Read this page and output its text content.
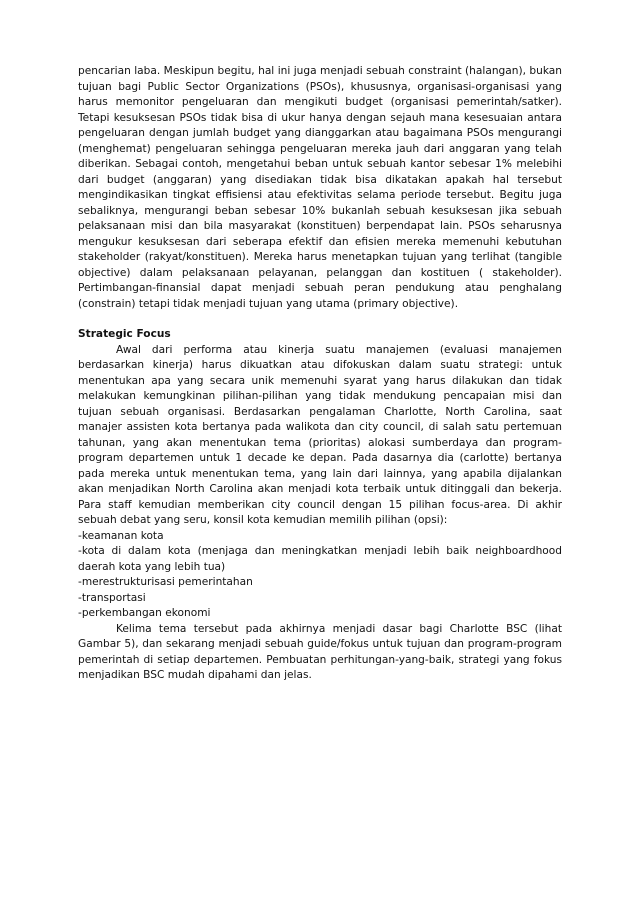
pencarian laba. Meskipun begitu, hal ini juga menjadi sebuah constraint (halangan), bukan tujuan bagi Public Sector Organizations (PSOs), khususnya, organisasi-organisasi yang harus memonitor pengeluaran dan mengikuti budget (organisasi pemerintah/satker). Tetapi kesuksesan PSOs tidak bisa di ukur hanya dengan sejauh mana kesesuaian antara pengeluaran dengan jumlah budget yang dianggarkan atau bagaimana PSOs mengurangi (menghemat) pengeluaran sehingga pengeluaran mereka jauh dari anggaran yang telah diberikan. Sebagai contoh, mengetahui beban untuk sebuah kantor sebesar 1% melebihi dari budget (anggaran) yang disediakan tidak bisa dikatakan apakah hal tersebut mengindikasikan tingkat effisiensi atau efektivitas selama periode tersebut. Begitu juga sebaliknya, mengurangi beban sebesar 10% bukanlah sebuah kesuksesan jika sebuah pelaksanaan misi dan bila masyarakat (konstituen) berpendapat lain. PSOs seharusnya mengukur kesuksesan dari seberapa efektif dan efisien mereka memenuhi kebutuhan stakeholder (rakyat/konstituen). Mereka harus menetapkan tujuan yang terlihat (tangible objective) dalam pelaksanaan pelayanan, pelanggan dan kostituen ( stakeholder). Pertimbangan-finansial dapat menjadi sebuah peran pendukung atau penghalang (constrain) tetapi tidak menjadi tujuan yang utama (primary objective).

Strategic Focus

Awal dari performa atau kinerja suatu manajemen (evaluasi manajemen berdasarkan kinerja) harus dikuatkan atau difokuskan dalam suatu strategi: untuk menentukan apa yang secara unik memenuhi syarat yang harus dilakukan dan tidak melakukan kemungkinan pilihan-pilihan yang tidak mendukung pencapaian misi dan tujuan sebuah organisasi. Berdasarkan pengalaman Charlotte, North Carolina, saat manajer assisten kota bertanya pada walikota dan city council, di salah satu pertemuan tahunan, yang akan menentukan tema (prioritas) alokasi sumberdaya dan program-program departemen untuk 1 decade ke depan. Pada dasarnya dia (carlotte) bertanya pada mereka untuk menentukan tema, yang lain dari lainnya, yang apabila dijalankan akan menjadikan North Carolina akan menjadi kota terbaik untuk ditinggali dan bekerja. Para staff kemudian memberikan city council dengan 15 pilihan focus-area. Di akhir sebuah debat yang seru, konsil kota kemudian memilih pilihan (opsi):

-keamanan kota

-kota di dalam kota (menjaga dan meningkatkan menjadi lebih baik neighboardhood daerah kota yang lebih tua)

-merestrukturisasi pemerintahan

-transportasi

-perkembangan ekonomi

Kelima tema tersebut pada akhirnya menjadi dasar bagi Charlotte BSC (lihat Gambar 5), dan sekarang menjadi sebuah guide/fokus untuk tujuan dan program-program pemerintah di setiap departemen. Pembuatan perhitungan-yang-baik, strategi yang fokus menjadikan BSC mudah dipahami dan jelas.
